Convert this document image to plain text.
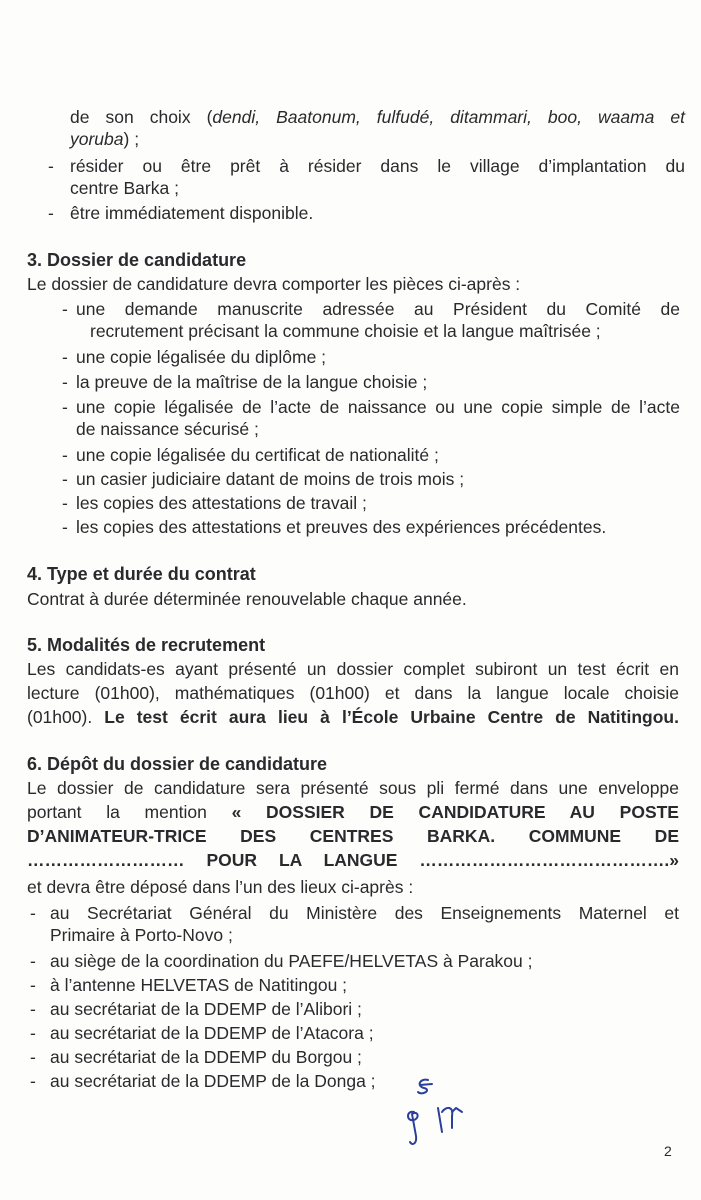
de son choix (dendi, Baatonum, fulfudé, ditammari, boo, waama et
yoruba) ;
- résider ou être prêt à résider dans le village d’implantation du
centre Barka ;
- être immédiatement disponible.
3. Dossier de candidature
Le dossier de candidature devra comporter les pièces ci-après :
- une demande manuscrite adressée au Président du Comité de
recrutement précisant la commune choisie et la langue maîtrisée ;
- une copie légalisée du diplôme ;
- la preuve de la maîtrise de la langue choisie ;
- une copie légalisée de l’acte de naissance ou une copie simple de l’acte
de naissance sécurisé ;
- une copie légalisée du certificat de nationalité ;
- un casier judiciaire datant de moins de trois mois ;
- les copies des attestations de travail ;
- les copies des attestations et preuves des expériences précédentes.
4. Type et durée du contrat
Contrat à durée déterminée renouvelable chaque année.
5. Modalités de recrutement
Les candidats-es ayant présenté un dossier complet subiront un test écrit en
lecture (01h00), mathématiques (01h00) et dans la langue locale choisie
(01h00). Le test écrit aura lieu à l’École Urbaine Centre de Natitingou.
6. Dépôt du dossier de candidature
Le dossier de candidature sera présenté sous pli fermé dans une enveloppe
portant la mention « DOSSIER DE CANDIDATURE AU POSTE
D’ANIMATEUR-TRICE DES CENTRES BARKA. COMMUNE DE
……………………… POUR LA LANGUE …………………………………….»
et devra être déposé dans l’un des lieux ci-après :
- au Secrétariat Général du Ministère des Enseignements Maternel et
Primaire à Porto-Novo ;
- au siège de la coordination du PAEFE/HELVETAS à Parakou ;
- à l’antenne HELVETAS de Natitingou ;
- au secrétariat de la DDEMP de l’Alibori ;
- au secrétariat de la DDEMP de l’Atacora ;
- au secrétariat de la DDEMP du Borgou ;
- au secrétariat de la DDEMP de la Donga ;
2
